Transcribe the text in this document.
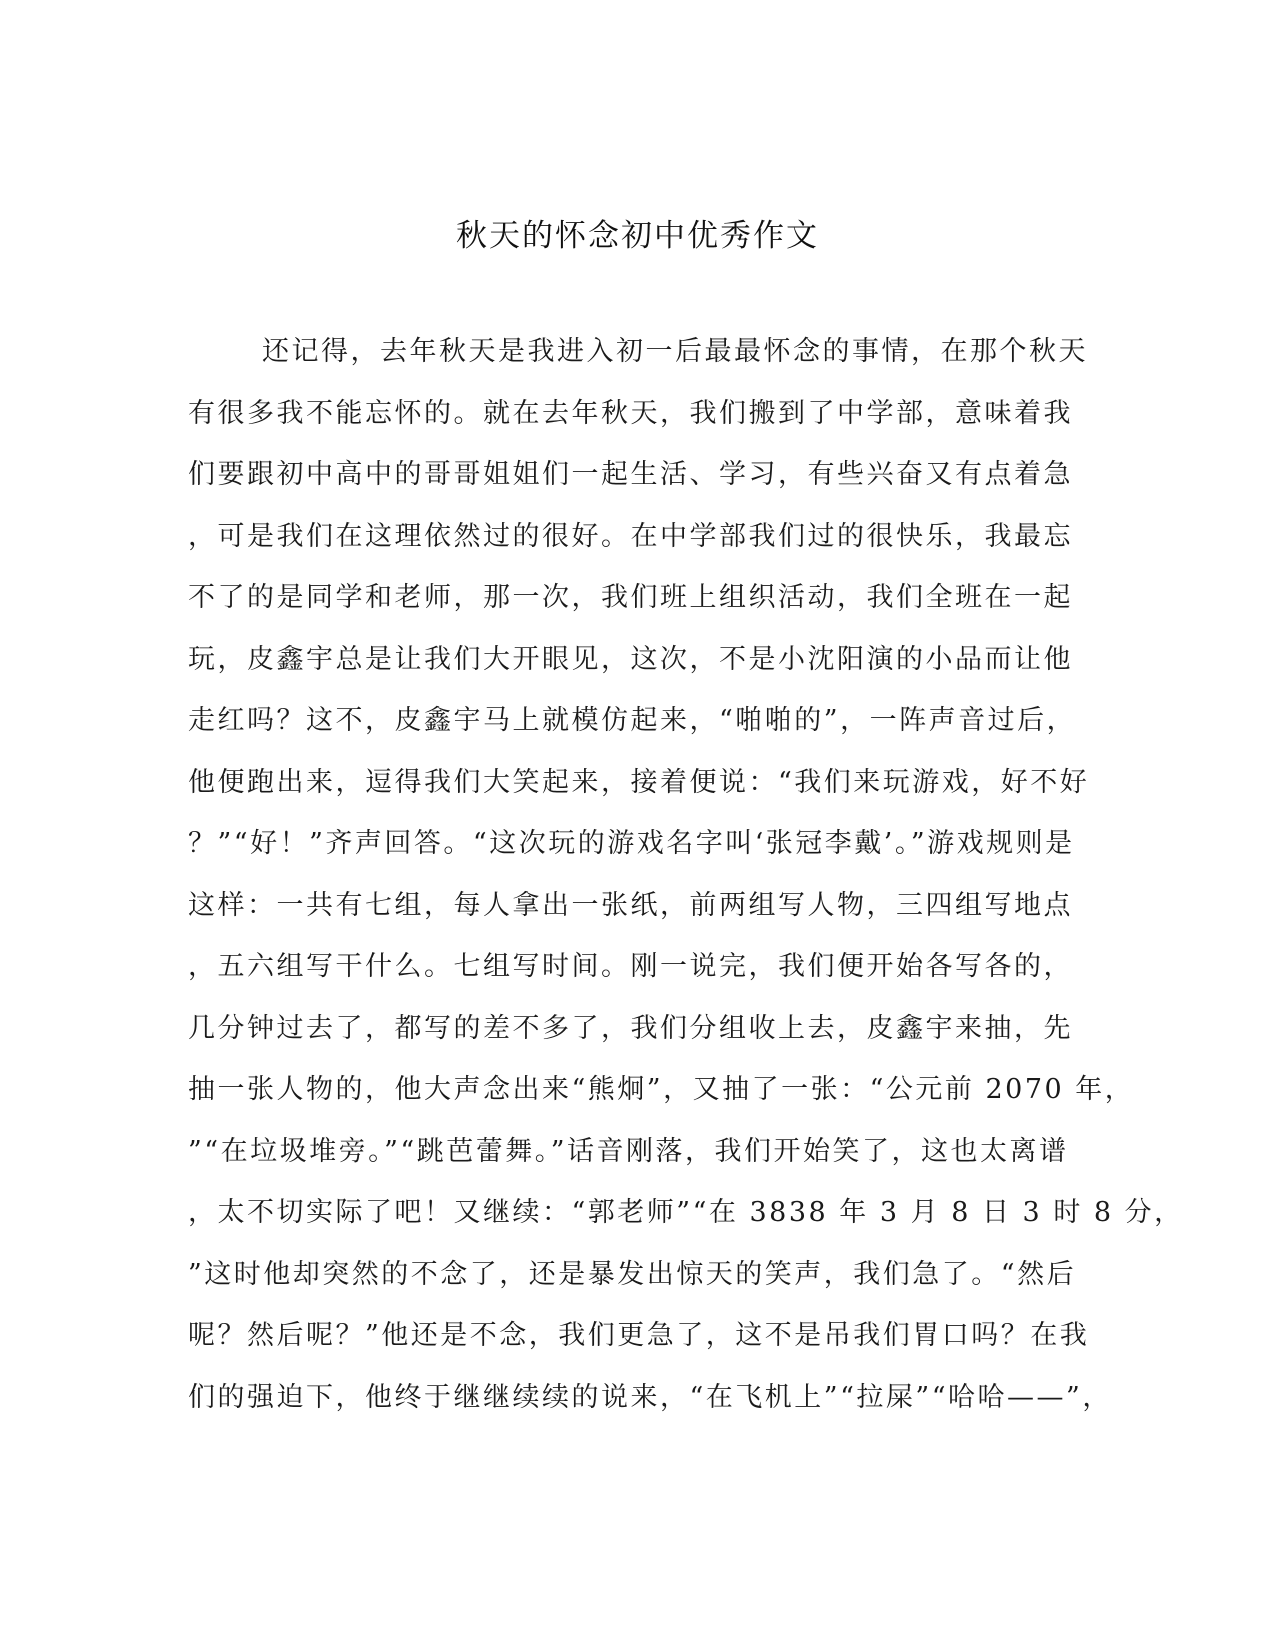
秋天的怀念初中优秀作文
还记得，去年秋天是我进入初一后最最怀念的事情，在那个秋天
有很多我不能忘怀的。就在去年秋天，我们搬到了中学部，意味着我
们要跟初中高中的哥哥姐姐们一起生活、学习，有些兴奋又有点着急
，可是我们在这理依然过的很好。在中学部我们过的很快乐，我最忘
不了的是同学和老师，那一次，我们班上组织活动，我们全班在一起
玩，皮鑫宇总是让我们大开眼见，这次，不是小沈阳演的小品而让他
走红吗？这不，皮鑫宇马上就模仿起来，“啪啪的”，一阵声音过后，
他便跑出来，逗得我们大笑起来，接着便说：“我们来玩游戏，好不好
？”“好！”齐声回答。“这次玩的游戏名字叫‘张冠李戴’。”游戏规则是
这样：一共有七组，每人拿出一张纸，前两组写人物，三四组写地点
，五六组写干什么。七组写时间。刚一说完，我们便开始各写各的，
几分钟过去了，都写的差不多了，我们分组收上去，皮鑫宇来抽，先
抽一张人物的，他大声念出来“熊炯”，又抽了一张：“公元前 2070 年，
”“在垃圾堆旁。”“跳芭蕾舞。”话音刚落，我们开始笑了，这也太离谱
，太不切实际了吧！又继续：“郭老师”“在 3838 年 3 月 8 日 3 时 8 分，
”这时他却突然的不念了，还是暴发出惊天的笑声，我们急了。“然后
呢？然后呢？”他还是不念，我们更急了，这不是吊我们胃口吗？在我
们的强迫下，他终于继继续续的说来，“在飞机上”“拉屎”“哈哈——”，
